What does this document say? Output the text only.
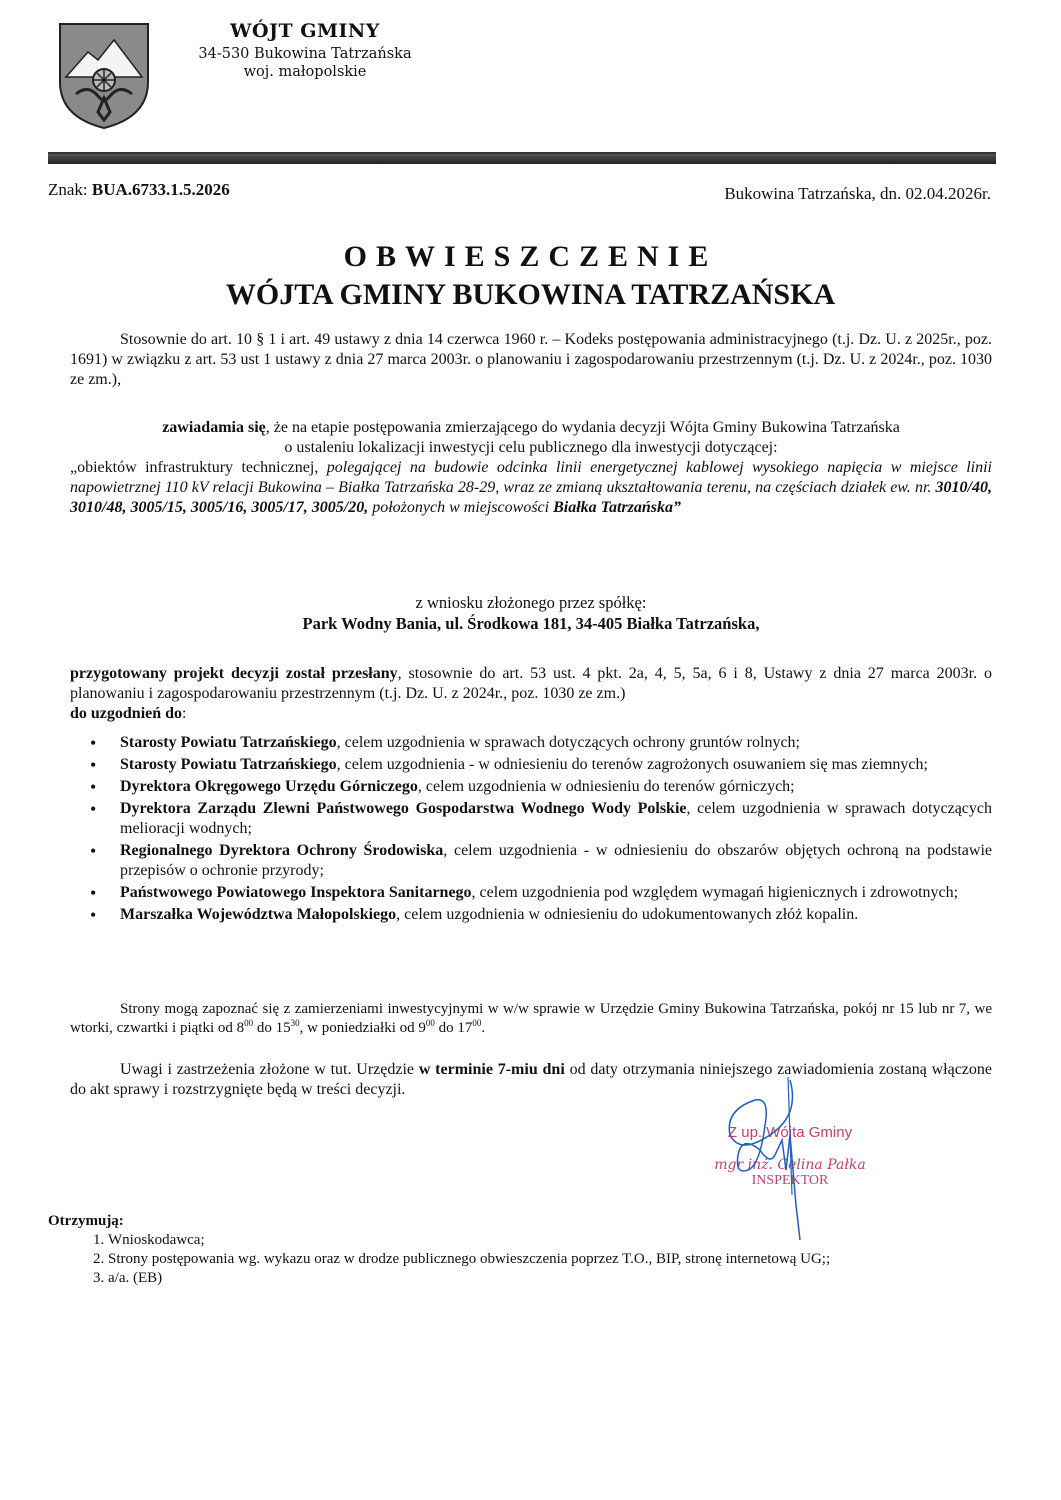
WÓJT GMINY
34-530 Bukowina Tatrzańska
woj. małopolskie
Znak: BUA.6733.1.5.2026	Bukowina Tatrzańska, dn. 02.04.2026r.
OBWIESZCZENIE
WÓJTA GMINY BUKOWINA TATRZAŃSKA
Stosownie do art. 10 § 1 i art. 49 ustawy z dnia 14 czerwca 1960 r. – Kodeks postępowania administracyjnego (t.j. Dz. U. z 2025r., poz. 1691) w związku z art. 53 ust 1 ustawy z dnia 27 marca 2003r. o planowaniu i zagospodarowaniu przestrzennym (t.j. Dz. U. z 2024r., poz. 1030 ze zm.),
zawiadamia się, że na etapie postępowania zmierzającego do wydania decyzji Wójta Gminy Bukowina Tatrzańska
o ustaleniu lokalizacji inwestycji celu publicznego dla inwestycji dotyczącej:
„obiektów infrastruktury technicznej, polegającej na budowie odcinka linii energetycznej kablowej wysokiego napięcia w miejsce linii napowietrznej 110 kV relacji Bukowina – Białka Tatrzańska 28-29, wraz ze zmianą ukształtowania terenu, na częściach działek ew. nr. 3010/40, 3010/48, 3005/15, 3005/16, 3005/17, 3005/20, położonych w miejscowości Białka Tatrzańska”
z wniosku złożonego przez spółkę:
Park Wodny Bania, ul. Środkowa 181, 34-405 Białka Tatrzańska,
przygotowany projekt decyzji został przesłany, stosownie do art. 53 ust. 4 pkt. 2a, 4, 5, 5a, 6 i 8, Ustawy z dnia 27 marca 2003r. o planowaniu i zagospodarowaniu przestrzennym (t.j. Dz. U. z 2024r., poz. 1030 ze zm.)
do uzgodnień do:
• Starosty Powiatu Tatrzańskiego, celem uzgodnienia w sprawach dotyczących ochrony gruntów rolnych;
• Starosty Powiatu Tatrzańskiego, celem uzgodnienia - w odniesieniu do terenów zagrożonych osuwaniem się mas ziemnych;
• Dyrektora Okręgowego Urzędu Górniczego, celem uzgodnienia w odniesieniu do terenów górniczych;
• Dyrektora Zarządu Zlewni Państwowego Gospodarstwa Wodnego Wody Polskie, celem uzgodnienia w sprawach dotyczących melioracji wodnych;
• Regionalnego Dyrektora Ochrony Środowiska, celem uzgodnienia - w odniesieniu do obszarów objętych ochroną na podstawie przepisów o ochronie przyrody;
• Państwowego Powiatowego Inspektora Sanitarnego, celem uzgodnienia pod względem wymagań higienicznych i zdrowotnych;
• Marszałka Województwa Małopolskiego, celem uzgodnienia w odniesieniu do udokumentowanych złóż kopalin.
Strony mogą zapoznać się z zamierzeniami inwestycyjnymi w w/w sprawie w Urzędzie Gminy Bukowina Tatrzańska, pokój nr 15 lub nr 7, we wtorki, czwartki i piątki od $8^{00}$ do $15^{30}$, w poniedziałki od $9^{00}$ do $17^{00}$.
Uwagi i zastrzeżenia złożone w tut. Urzędzie w terminie 7-miu dni od daty otrzymania niniejszego zawiadomienia zostaną włączone do akt sprawy i rozstrzygnięte będą w treści decyzji.
Z up. Wójta Gminy
mgr inż. Celina Pałka
INSPEKTOR
Otrzymują:
1. Wnioskodawca;
2. Strony postępowania wg. wykazu oraz w drodze publicznego obwieszczenia poprzez T.O., BIP, stronę internetową UG;;
3. a/a. (EB)
